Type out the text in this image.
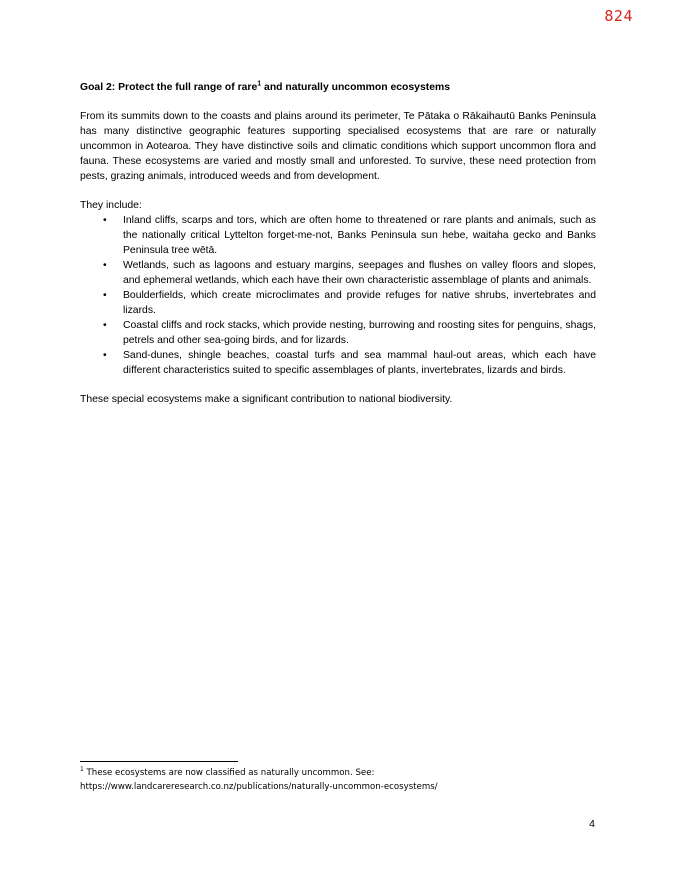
824

Goal 2: Protect the full range of rare$^1$ and naturally uncommon ecosystems

From its summits down to the coasts and plains around its perimeter, Te Pātaka o Rākaihautū Banks Peninsula has many distinctive geographic features supporting specialised ecosystems that are rare or naturally uncommon in Aotearoa. They have distinctive soils and climatic conditions which support uncommon flora and fauna. These ecosystems are varied and mostly small and unforested. To survive, these need protection from pests, grazing animals, introduced weeds and from development.

They include:

• Inland cliffs, scarps and tors, which are often home to threatened or rare plants and animals, such as the nationally critical Lyttelton forget-me-not, Banks Peninsula sun hebe, waitaha gecko and Banks Peninsula tree wētā.
• Wetlands, such as lagoons and estuary margins, seepages and flushes on valley floors and slopes, and ephemeral wetlands, which each have their own characteristic assemblage of plants and animals.
• Boulderfields, which create microclimates and provide refuges for native shrubs, invertebrates and lizards.
• Coastal cliffs and rock stacks, which provide nesting, burrowing and roosting sites for penguins, shags, petrels and other sea-going birds, and for lizards.
• Sand-dunes, shingle beaches, coastal turfs and sea mammal haul-out areas, which each have different characteristics suited to specific assemblages of plants, invertebrates, lizards and birds.

These special ecosystems make a significant contribution to national biodiversity.

$^1$ These ecosystems are now classified as naturally uncommon. See:
https://www.landcareresearch.co.nz/publications/naturally-uncommon-ecosystems/
4
